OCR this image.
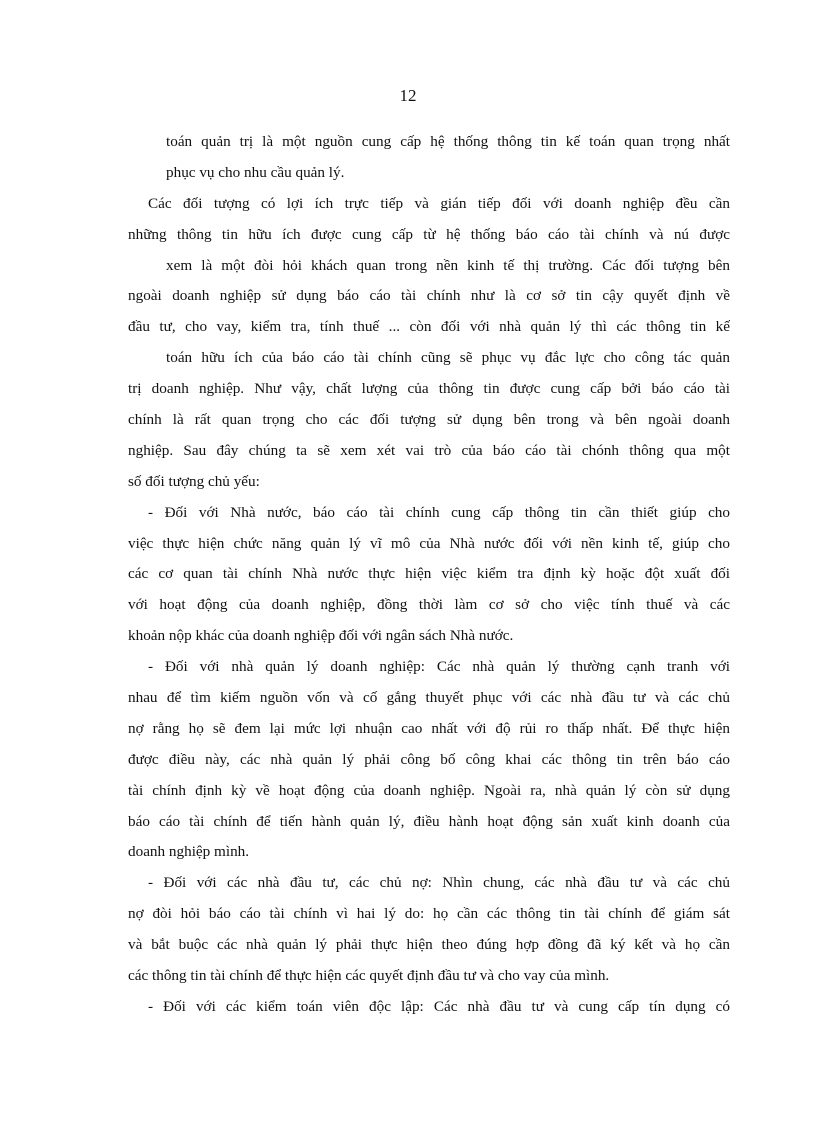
12
toán quản trị là một nguồn cung cấp hệ thống thông tin kế toán quan trọng nhất
phục vụ cho nhu cầu quản lý.
Các đối tượng có lợi ích trực tiếp và gián tiếp đối với doanh nghiệp đều cần
những thông tin hữu ích được cung cấp từ hệ thống báo cáo tài chính và nú được
xem là một đòi hỏi khách quan trong nền kinh tế thị trường. Các đối tượng bên
ngoài doanh nghiệp sử dụng báo cáo tài chính như là cơ sở tin cậy quyết định về
đầu tư, cho vay, kiểm tra, tính thuế ... còn đối với nhà quản lý thì các thông tin kế
toán hữu ích của báo cáo tài chính cũng sẽ phục vụ đắc lực cho công tác quản
trị doanh nghiệp. Như vậy, chất lượng của thông tin được cung cấp bởi báo cáo tài
chính là rất quan trọng cho các đối tượng sử dụng bên trong và bên ngoài doanh
nghiệp. Sau đây chúng ta sẽ xem xét vai trò của báo cáo tài chónh thông qua một
số đối tượng chủ yếu:
- Đối với Nhà nước, báo cáo tài chính cung cấp thông tin cần thiết giúp cho
việc thực hiện chức năng quản lý vĩ mô của Nhà nước đối với nền kinh tế, giúp cho
các cơ quan tài chính Nhà nước thực hiện việc kiểm tra định kỳ hoặc đột xuất đối
với hoạt động của doanh nghiệp, đồng thời làm cơ sở cho việc tính thuế và các
khoản nộp khác của doanh nghiệp đối với ngân sách Nhà nước.
- Đối với nhà quản lý doanh nghiệp: Các nhà quản lý thường cạnh tranh với
nhau để tìm kiếm nguồn vốn và cố gắng thuyết phục với các nhà đầu tư và các chủ
nợ rằng họ sẽ đem lại mức lợi nhuận cao nhất với độ rủi ro thấp nhất. Để thực hiện
được điều này, các nhà quản lý phải công bố công khai các thông tin trên báo cáo
tài chính định kỳ về hoạt động của doanh nghiệp. Ngoài ra, nhà quản lý còn sử dụng
báo cáo tài chính để tiến hành quản lý, điều hành hoạt động sản xuất kinh doanh của
doanh nghiệp mình.
- Đối với các nhà đầu tư, các chủ nợ: Nhìn chung, các nhà đầu tư và các chủ
nợ đòi hỏi báo cáo tài chính vì hai lý do: họ cần các thông tin tài chính để giám sát
và bắt buộc các nhà quản lý phải thực hiện theo đúng hợp đồng đã ký kết và họ cần
các thông tin tài chính để thực hiện các quyết định đầu tư và cho vay của mình.
- Đối với các kiểm toán viên độc lập: Các nhà đầu tư và cung cấp tín dụng có
